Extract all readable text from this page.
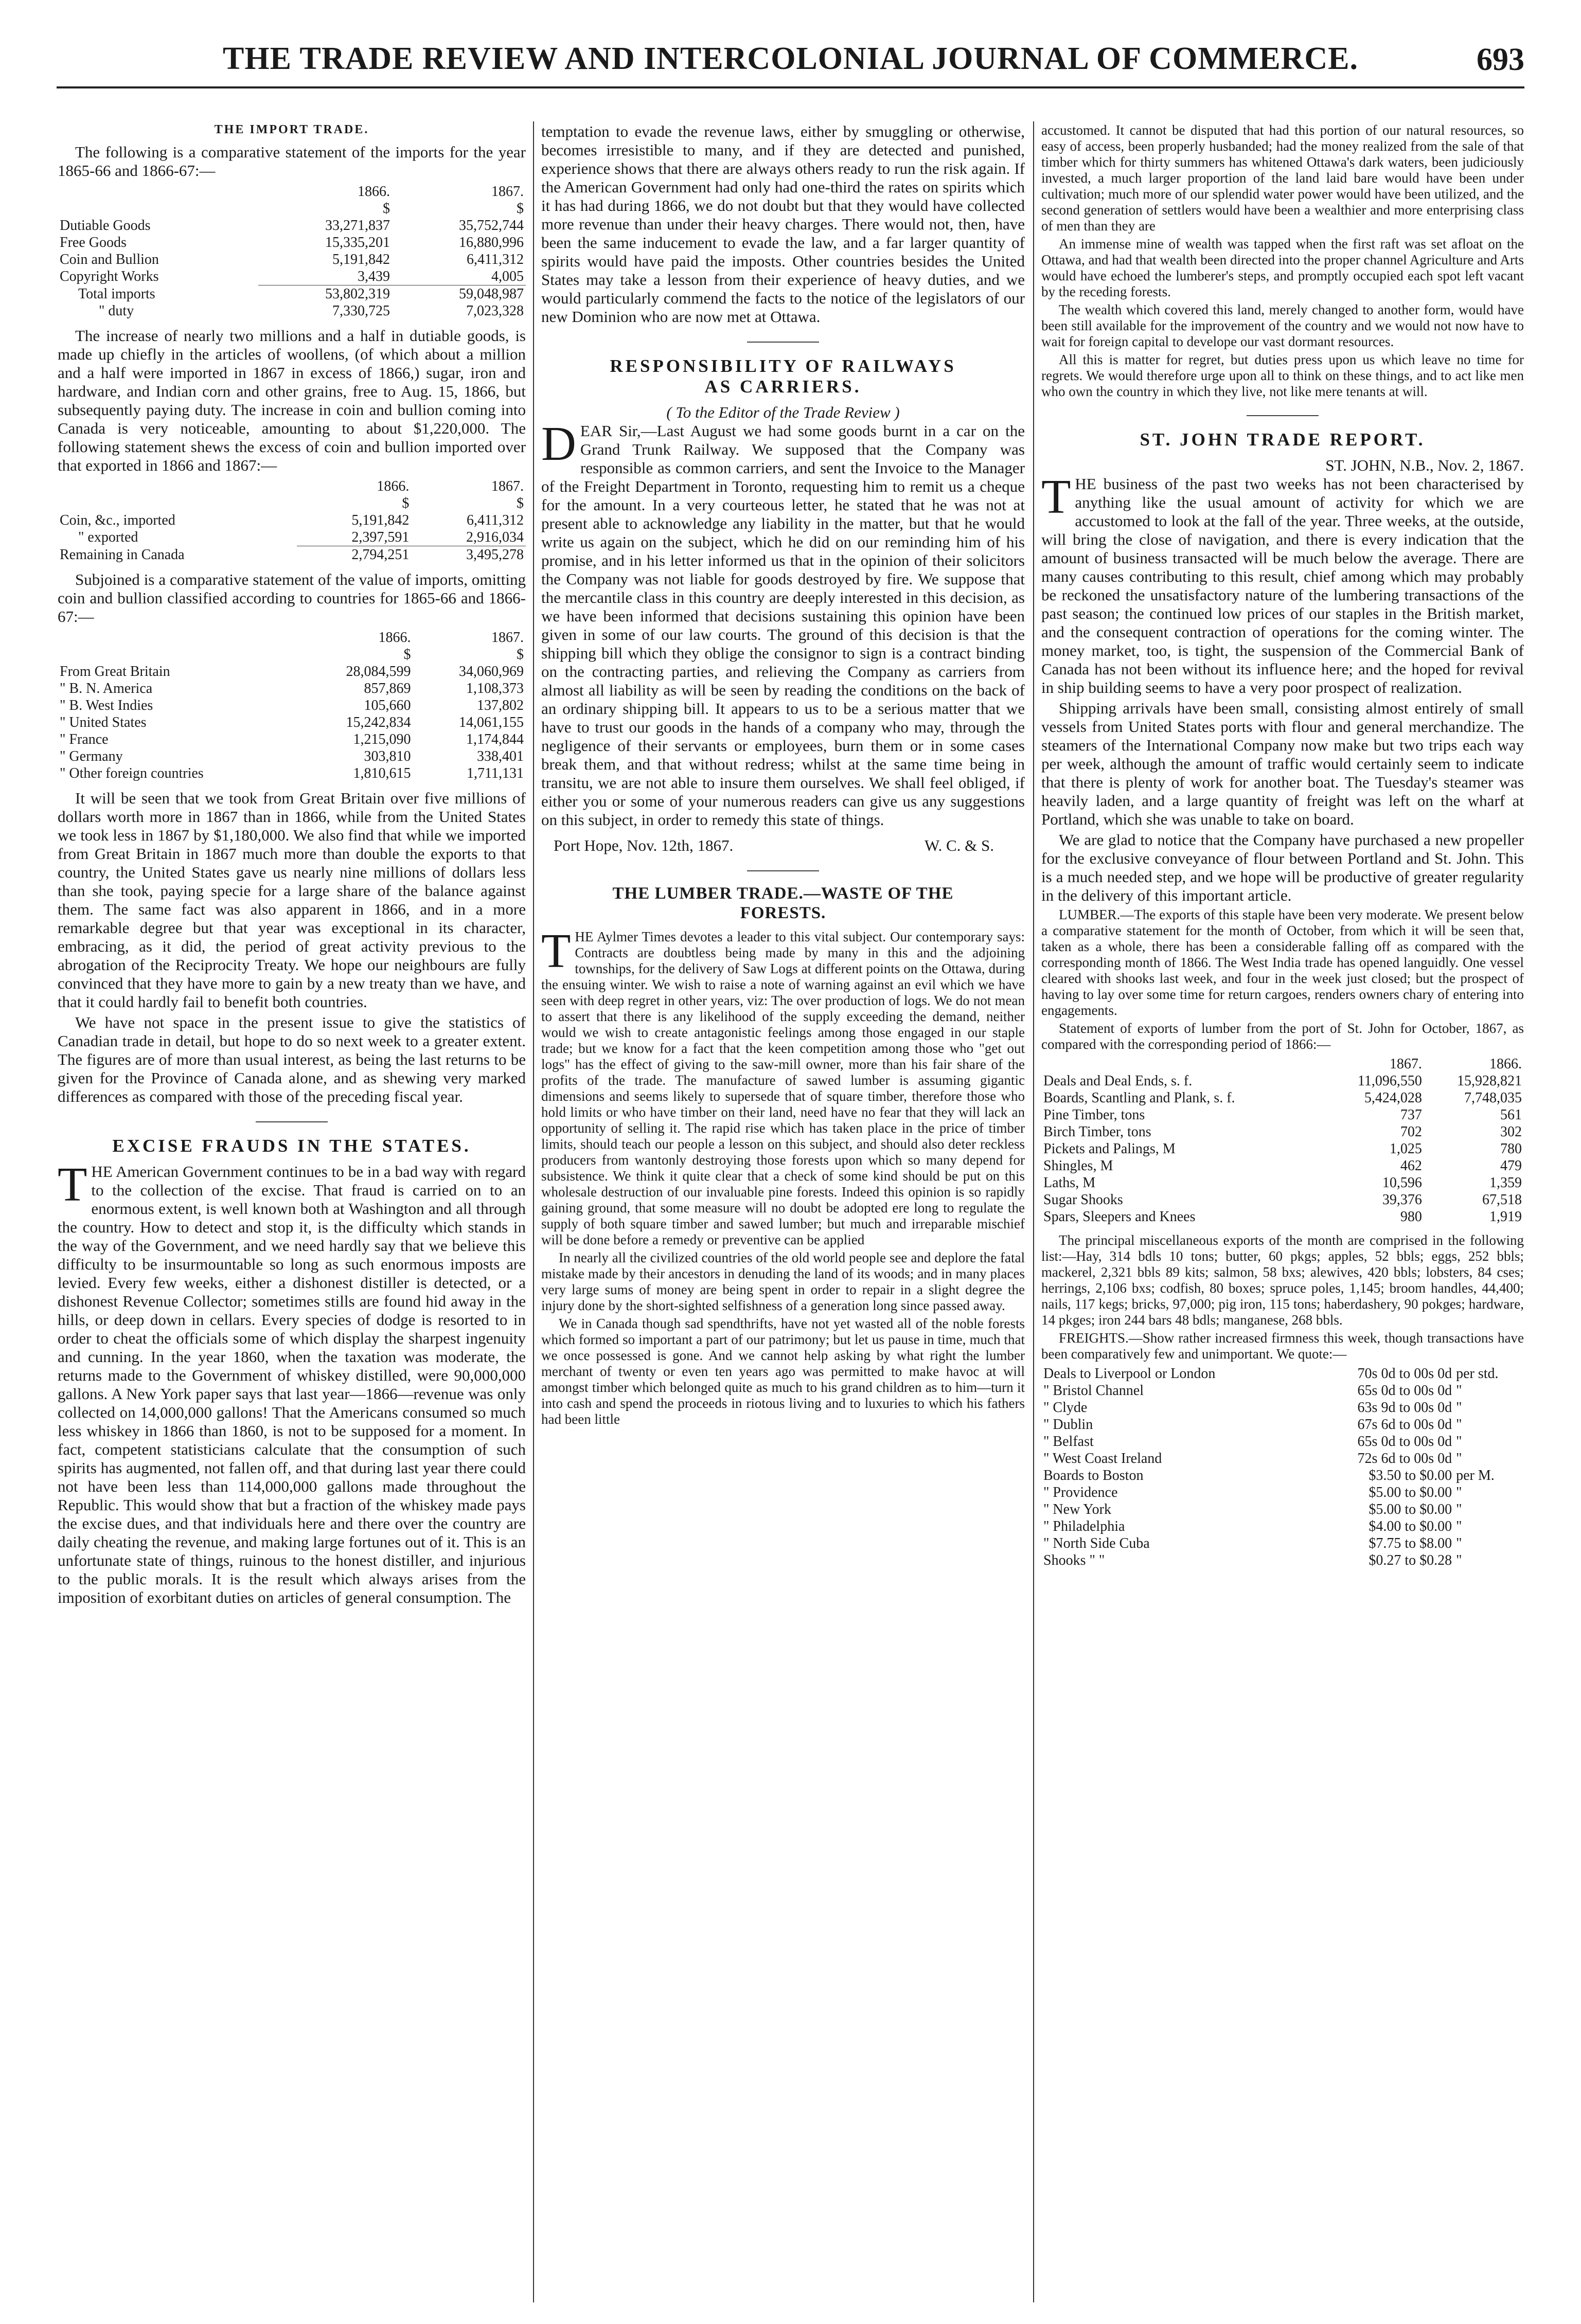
THE TRADE REVIEW AND INTERCOLONIAL JOURNAL OF COMMERCE.	693
THE IMPORT TRADE.

The following is a comparative statement of the imports for the year 1865-66 and 1866-67:—

	1866.	1867.
	$	$
Dutiable Goods	33,271,837	35,752,744
Free Goods	15,335,201	16,880,996
Coin and Bullion	5,191,842	6,411,312
Copyright Works	3,439	4,005
Total imports	53,802,319	59,048,987
" duty	7,330,725	7,023,328

The increase of nearly two millions and a half in dutiable goods, is made up chiefly in the articles of woollens, (of which about a million and a half were imported in 1867 in excess of 1866,) sugar, iron and hardware, and Indian corn and other grains, free to Aug. 15, 1866, but subsequently paying duty. The increase in coin and bullion coming into Canada is very noticeable, amounting to about $1,220,000. The following statement shews the excess of coin and bullion imported over that exported in 1866 and 1867:—

	1866.	1867.
	$	$
Coin, &c., imported	5,191,842	6,411,312
" exported	2,397,591	2,916,034
Remaining in Canada	2,794,251	3,495,278

Subjoined is a comparative statement of the value of imports, omitting coin and bullion classified according to countries for 1865-66 and 1866-67:—

	1866.	1867.
	$	$
From Great Britain	28,084,599	34,060,969
" B. N. America	857,869	1,108,373
" B. West Indies	105,660	137,802
" United States	15,242,834	14,061,155
" France	1,215,090	1,174,844
" Germany	303,810	338,401
" Other foreign countries	1,810,615	1,711,131

It will be seen that we took from Great Britain over five millions of dollars worth more in 1867 than in 1866, while from the United States we took less in 1867 by $1,180,000. We also find that while we imported from Great Britain in 1867 much more than double the exports to that country, the United States gave us nearly nine millions of dollars less than she took, paying specie for a large share of the balance against them. The same fact was also apparent in 1866, and in a more remarkable degree but that year was exceptional in its character, embracing, as it did, the period of great activity previous to the abrogation of the Reciprocity Treaty. We hope our neighbours are fully convinced that they have more to gain by a new treaty than we have, and that it could hardly fail to benefit both countries.

We have not space in the present issue to give the statistics of Canadian trade in detail, but hope to do so next week to a greater extent. The figures are of more than usual interest, as being the last returns to be given for the Province of Canada alone, and as shewing very marked differences as compared with those of the preceding fiscal year.

EXCISE FRAUDS IN THE STATES.

THE American Government continues to be in a bad way with regard to the collection of the excise. That fraud is carried on to an enormous extent, is well known both at Washington and all through the country. How to detect and stop it, is the difficulty which stands in the way of the Government, and we need hardly say that we believe this difficulty to be insurmountable so long as such enormous imposts are levied. Every few weeks, either a dishonest distiller is detected, or a dishonest Revenue Collector; sometimes stills are found hid away in the hills, or deep down in cellars. Every species of dodge is resorted to in order to cheat the officials some of which display the sharpest ingenuity and cunning. In the year 1860, when the taxation was moderate, the returns made to the Government of whiskey distilled, were 90,000,000 gallons. A New York paper says that last year—1866—revenue was only collected on 14,000,000 gallons! That the Americans consumed so much less whiskey in 1866 than 1860, is not to be supposed for a moment. In fact, competent statisticians calculate that the consumption of such spirits has augmented, not fallen off, and that during last year there could not have been less than 114,000,000 gallons made throughout the Republic. This would show that but a fraction of the whiskey made pays the excise dues, and that individuals here and there over the country are daily cheating the revenue, and making large fortunes out of it. This is an unfortunate state of things, ruinous to the honest distiller, and injurious to the public morals. It is the result which always arises from the imposition of exorbitant duties on articles of general consumption. The

temptation to evade the revenue laws, either by smuggling or otherwise, becomes irresistible to many, and if they are detected and punished, experience shows that there are always others ready to run the risk again. If the American Government had only had one-third the rates on spirits which it has had during 1866, we do not doubt but that they would have collected more revenue than under their heavy charges. There would not, then, have been the same inducement to evade the law, and a far larger quantity of spirits would have paid the imposts. Other countries besides the United States may take a lesson from their experience of heavy duties, and we would particularly commend the facts to the notice of the legislators of our new Dominion who are now met at Ottawa.

RESPONSIBILITY OF RAILWAYS
AS CARRIERS.
( To the Editor of the Trade Review )

DEAR Sir,—Last August we had some goods burnt in a car on the Grand Trunk Railway. We supposed that the Company was responsible as common carriers, and sent the Invoice to the Manager of the Freight Department in Toronto, requesting him to remit us a cheque for the amount. In a very courteous letter, he stated that he was not at present able to acknowledge any liability in the matter, but that he would write us again on the subject, which he did on our reminding him of his promise, and in his letter informed us that in the opinion of their solicitors the Company was not liable for goods destroyed by fire. We suppose that the mercantile class in this country are deeply interested in this decision, as we have been informed that decisions sustaining this opinion have been given in some of our law courts. The ground of this decision is that the shipping bill which they oblige the consignor to sign is a contract binding on the contracting parties, and relieving the Company as carriers from almost all liability as will be seen by reading the conditions on the back of an ordinary shipping bill. It appears to us to be a serious matter that we have to trust our goods in the hands of a company who may, through the negligence of their servants or employees, burn them or in some cases break them, and that without redress; whilst at the same time being in transitu, we are not able to insure them ourselves. We shall feel obliged, if either you or some of your numerous readers can give us any suggestions on this subject, in order to remedy this state of things.

Port Hope, Nov. 12th, 1867.	W. C. & S.
THE LUMBER TRADE.—WASTE OF THE
FORESTS.

THE Aylmer Times devotes a leader to this vital subject. Our contemporary says: Contracts are doubtless being made by many in this and the adjoining townships, for the delivery of Saw Logs at different points on the Ottawa, during the ensuing winter. We wish to raise a note of warning against an evil which we have seen with deep regret in other years, viz: The over production of logs. We do not mean to assert that there is any likelihood of the supply exceeding the demand, neither would we wish to create antagonistic feelings among those engaged in our staple trade; but we know for a fact that the keen competition among those who "get out logs" has the effect of giving to the saw-mill owner, more than his fair share of the profits of the trade. The manufacture of sawed lumber is assuming gigantic dimensions and seems likely to supersede that of square timber, therefore those who hold limits or who have timber on their land, need have no fear that they will lack an opportunity of selling it. The rapid rise which has taken place in the price of timber limits, should teach our people a lesson on this subject, and should also deter reckless producers from wantonly destroying those forests upon which so many depend for subsistence. We think it quite clear that a check of some kind should be put on this wholesale destruction of our invaluable pine forests. Indeed this opinion is so rapidly gaining ground, that some measure will no doubt be adopted ere long to regulate the supply of both square timber and sawed lumber; but much and irreparable mischief will be done before a remedy or preventive can be applied

In nearly all the civilized countries of the old world people see and deplore the fatal mistake made by their ancestors in denuding the land of its woods; and in many places very large sums of money are being spent in order to repair in a slight degree the injury done by the short-sighted selfishness of a generation long since passed away.

We in Canada though sad spendthrifts, have not yet wasted all of the noble forests which formed so important a part of our patrimony; but let us pause in time, much that we once possessed is gone. And we cannot help asking by what right the lumber merchant of twenty or even ten years ago was permitted to make havoc at will amongst timber which belonged quite as much to his grand children as to him—turn it into cash and spend the proceeds in riotous living and to luxuries to which his fathers had been little

accustomed. It cannot be disputed that had this portion of our natural resources, so easy of access, been properly husbanded; had the money realized from the sale of that timber which for thirty summers has whitened Ottawa's dark waters, been judiciously invested, a much larger proportion of the land laid bare would have been under cultivation; much more of our splendid water power would have been utilized, and the second generation of settlers would have been a wealthier and more enterprising class of men than they are

An immense mine of wealth was tapped when the first raft was set afloat on the Ottawa, and had that wealth been directed into the proper channel Agriculture and Arts would have echoed the lumberer's steps, and promptly occupied each spot left vacant by the receding forests.

The wealth which covered this land, merely changed to another form, would have been still available for the improvement of the country and we would not now have to wait for foreign capital to develope our vast dormant resources.

All this is matter for regret, but duties press upon us which leave no time for regrets. We would therefore urge upon all to think on these things, and to act like men who own the country in which they live, not like mere tenants at will.

ST. JOHN TRADE REPORT.
ST. JOHN, N.B., Nov. 2, 1867.

THE business of the past two weeks has not been characterised by anything like the usual amount of activity for which we are accustomed to look at the fall of the year. Three weeks, at the outside, will bring the close of navigation, and there is every indication that the amount of business transacted will be much below the average. There are many causes contributing to this result, chief among which may probably be reckoned the unsatisfactory nature of the lumbering transactions of the past season; the continued low prices of our staples in the British market, and the consequent contraction of operations for the coming winter. The money market, too, is tight, the suspension of the Commercial Bank of Canada has not been without its influence here; and the hoped for revival in ship building seems to have a very poor prospect of realization.

Shipping arrivals have been small, consisting almost entirely of small vessels from United States ports with flour and general merchandize. The steamers of the International Company now make but two trips each way per week, although the amount of traffic would certainly seem to indicate that there is plenty of work for another boat. The Tuesday's steamer was heavily laden, and a large quantity of freight was left on the wharf at Portland, which she was unable to take on board.

We are glad to notice that the Company have purchased a new propeller for the exclusive conveyance of flour between Portland and St. John. This is a much needed step, and we hope will be productive of greater regularity in the delivery of this important article.

LUMBER.—The exports of this staple have been very moderate. We present below a comparative statement for the month of October, from which it will be seen that, taken as a whole, there has been a considerable falling off as compared with the corresponding month of 1866. The West India trade has opened languidly. One vessel cleared with shooks last week, and four in the week just closed; but the prospect of having to lay over some time for return cargoes, renders owners chary of entering into engagements.

Statement of exports of lumber from the port of St. John for October, 1867, as compared with the corresponding period of 1866:—

	1867.	1866.
Deals and Deal Ends, s. f.	11,096,550	15,928,821
Boards, Scantling and Plank, s. f.	5,424,028	7,748,035
Pine Timber, tons	737	561
Birch Timber, tons	702	302
Pickets and Palings, M	1,025	780
Shingles, M	462	479
Laths, M	10,596	1,359
Sugar Shooks	39,376	67,518
Spars, Sleepers and Knees	980	1,919

The principal miscellaneous exports of the month are comprised in the following list:—Hay, 314 bdls 10 tons; butter, 60 pkgs; apples, 52 bbls; eggs, 252 bbls; mackerel, 2,321 bbls 89 kits; salmon, 58 bxs; alewives, 420 bbls; lobsters, 84 cses; herrings, 2,106 bxs; codfish, 80 boxes; spruce poles, 1,145; broom handles, 44,400; nails, 117 kegs; bricks, 97,000; pig iron, 115 tons; haberdashery, 90 pokges; hardware, 14 pkges; iron 244 bars 48 bdls; manganese, 268 bbls.

FREIGHTS.—Show rather increased firmness this week, though transactions have been comparatively few and unimportant. We quote:—

Deals to Liverpool or London	70s 0d to 00s 0d	per std.
" Bristol Channel	65s 0d to 00s 0d	"
" Clyde	63s 9d to 00s 0d	"
" Dublin	67s 6d to 00s 0d	"
" Belfast	65s 0d to 00s 0d	"
" West Coast Ireland	72s 6d to 00s 0d	"
Boards to Boston	$3.50 to $0.00	per M.
" Providence	$5.00 to $0.00	"
" New York	$5.00 to $0.00	"
" Philadelphia	$4.00 to $0.00	"
" North Side Cuba	$7.75 to $8.00	"
Shooks " "	$0.27 to $0.28	"
